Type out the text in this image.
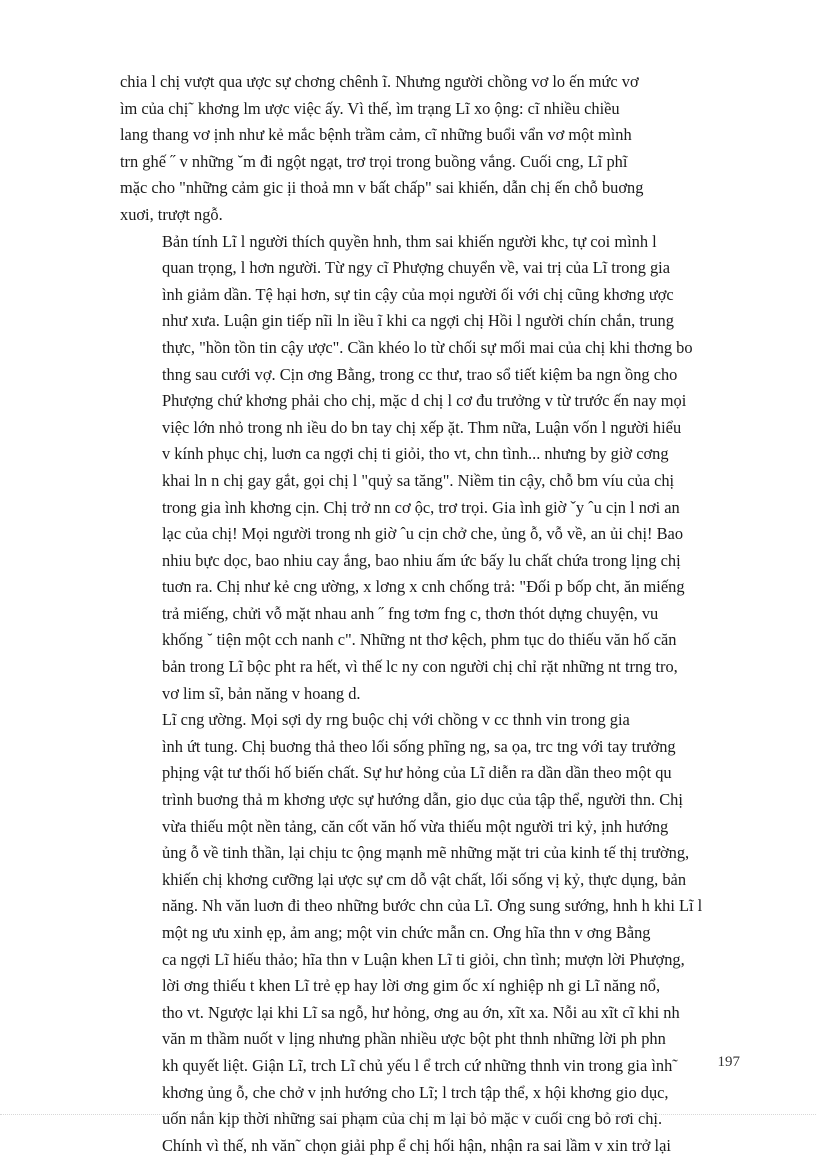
chia l chị vượt qua ược sự chơng chênh ĩ. Nhưng người chồng vơ lo ến mức vơ
ìm của chị˜ khơng lm ược việc ấy. Vì thế, ìm trạng Lĩ xo ộng: cĩ nhiều chiều
lang thang vơ ịnh như kẻ mắc bệnh trầm cảm, cĩ những buổi vẩn vơ một mình
trn ghế ˝ v những ˘m đi ngột ngạt, trơ trọi trong buồng vắng. Cuối cng, Lĩ phĩ
mặc cho "những cảm gic ịi thoả mn v bất chấp" sai khiến, dẫn chị ến chỗ buơng
xuơi, trượt ngỗ.

Bản tính Lĩ l người thích quyền hnh, thm sai khiến người khc, tự coi mình l
quan trọng, l hơn người. Từ ngy cĩ Phượng chuyển về, vai trị của Lĩ trong gia
ình giảm dần. Tệ hại hơn, sự tin cậy của mọi người ối với chị cũng khơng ược
như xưa. Luận gin tiếp nĩi ln iều ĩ khi ca ngợi chị Hồi l người chín chắn, trung
thực, "hồn tồn tin cậy ược". Cần khéo lo từ chối sự mối mai của chị khi thơng bo
thng sau cưới vợ. Cịn ơng Bằng, trong cc thư, trao sổ tiết kiệm ba ngn ồng cho
Phượng chứ khơng phải cho chị, mặc d chị l cơ đu trưởng v từ trước ến nay mọi
việc lớn nhỏ trong nh iều do bn tay chị xếp ặt. Thm nữa, Luận vốn l người hiểu
v kính phục chị, luơn ca ngợi chị ti giỏi, tho vt, chn tình... nhưng by giờ cơng
khai ln n chị gay gắt, gọi chị l "quỷ sa tăng". Niềm tin cậy, chỗ bm víu của chị
trong gia ình khơng cịn. Chị trở nn cơ ộc, trơ trọi. Gia ình giờ ˇy ˆu cịn l nơi an
lạc của chị! Mọi người trong nh giờ ˆu cịn chở che, ủng ỗ, vỗ về, an ủi chị! Bao
nhiu bực dọc, bao nhiu cay ắng, bao nhiu ấm ức bấy lu chất chứa trong lịng chị
tuơn ra. Chị như kẻ cng ường, x lơng x cnh chống trả: "Đối p bốp cht, ăn miếng
trả miếng, chửi vỗ mặt nhau anh ˝ fng tơm fng c, thơn thót dựng chuyện, vu
khống ˘ tiện một cch nanh c". Những nt thơ kệch, phm tục do thiếu văn hố căn
bản trong Lĩ bộc pht ra hết, vì thế lc ny con người chị chỉ rặt những nt trng tro,
vơ lim sĩ, bản năng v hoang d.

Lĩ cng ường. Mọi sợi dy rng buộc chị với chồng v cc thnh vin trong gia
ình ứt tung. Chị buơng thả theo lối sống phĩng ng, sa ọa, trc tng với tay trưởng
phịng vật tư thối hố biến chất. Sự hư hỏng của Lĩ diễn ra dần dần theo một qu
trình buơng thả m khơng ược sự hướng dẫn, gio dục của tập thể, người thn. Chị
vừa thiếu một nền tảng, căn cốt văn hố vừa thiếu một người tri kỷ, ịnh hướng
ủng ỗ về tinh thần, lại chịu tc ộng mạnh mẽ những mặt tri của kinh tế thị trường,
khiến chị khơng cưỡng lại ược sự cm dỗ vật chất, lối sống vị kỷ, thực dụng, bản
năng. Nh văn luơn đi theo những bước chn của Lĩ. Ơng sung sướng, hnh h khi Lĩ l
một ng ưu xinh ẹp, ảm ang; một vin chức mẫn cn. Ơng hĩa thn v ơng Bằng
ca ngợi Lĩ hiếu thảo; hĩa thn v Luận khen Lĩ ti giỏi, chn tình; mượn lời Phượng,
lời ơng thiếu t khen Lĩ trẻ ẹp hay lời ơng gim ốc xí nghiệp nh gi Lĩ năng nổ,
tho vt. Ngược lại khi Lĩ sa ngỗ, hư hỏng, ơng au ớn, xĩt xa. Nỗi au xĩt cĩ khi nh
văn m thầm nuốt v lịng nhưng phần nhiều ược bột pht thnh những lời ph phn
kh quyết liệt. Giận Lĩ, trch Lĩ chủ yếu l ể trch cứ những thnh vin trong gia ình˜
khơng ủng ỗ, che chở v ịnh hướng cho Lĩ; l trch tập thể, x hội khơng gio dục,
uốn nắn kịp thời những sai phạm của chị m lại bỏ mặc v cuối cng bỏ rơi chị.
Chính vì thế, nh văn˜ chọn giải php ể chị hối hận, nhận ra sai lầm v xin trở lại

197
